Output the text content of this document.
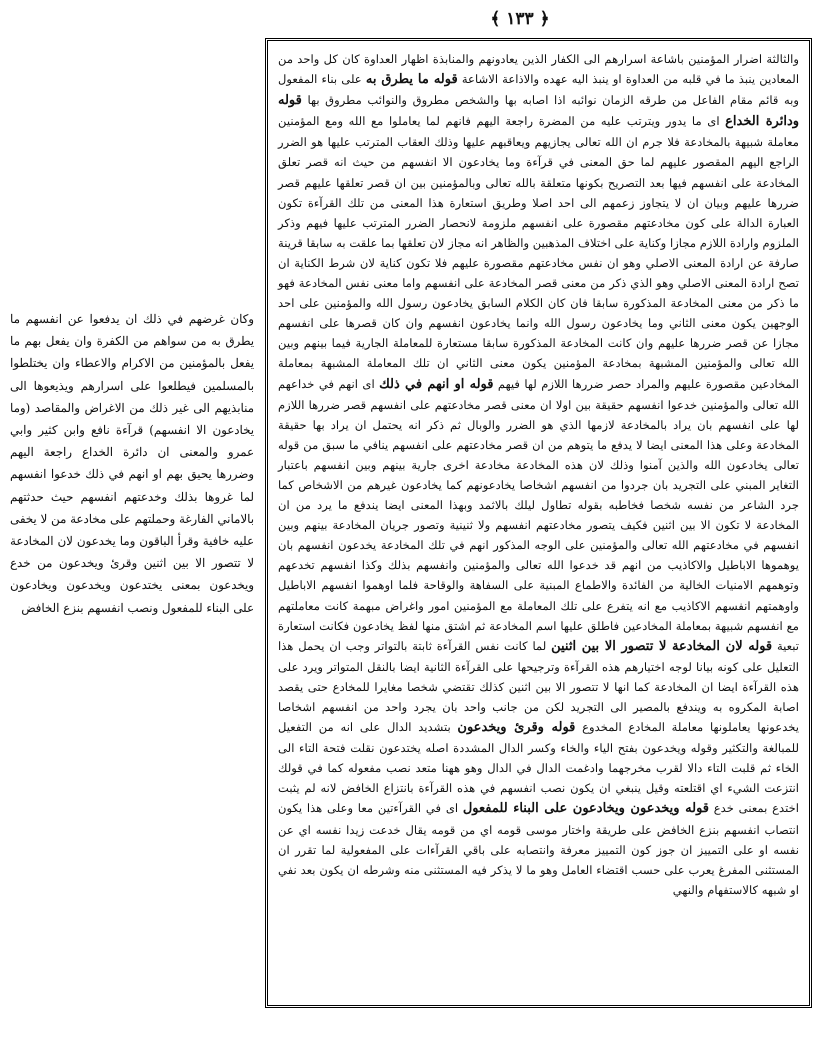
﴾ ١٣٣ ﴿

والثالثة اضرار المؤمنين باشاعة اسرارهم الى الكفار الذين يعادونهم والمنابذة اظهار العداوة كان كل واحد من المعادين ينبذ ما في قلبه من العداوة او ينبذ اليه عهده والاذاعة الاشاعة قوله ما يطرق به على بناء المفعول وبه قائم مقام الفاعل من طرقه الزمان نوائبه اذا اصابه بها والشخص مطروق والنوائب مطروق بها قوله ودائرة الخداع اى ما يدور ويترتب عليه من المضرة راجعة اليهم فانهم لما يعاملوا مع الله ومع المؤمنين معاملة شبيهة بالمخادعة فلا جرم ان الله تعالى يجازيهم ويعاقبهم عليها وذلك العقاب المترتب عليها هو الضرر الراجع اليهم المقصور عليهم لما حق المعنى في قرآءة وما يخادعون الا انفسهم من حيث انه قصر تعلق المخادعة على انفسهم فيها بعد التصريح بكونها متعلقة بالله تعالى وبالمؤمنين بين ان قصر تعلقها عليهم قصر ضررها عليهم وبيان ان لا يتجاوز زعمهم الى احد اصلا وطريق استعارة هذا المعنى من تلك القرآءة تكون العبارة الدالة على كون مخادعتهم مقصورة على انفسهم ملزومة لانحصار الضرر المترتب عليها فيهم وذكر الملزوم وارادة اللازم مجازا وكناية على اختلاف المذهبين والظاهر انه مجاز لان تعلقها بما علقت به سابقا قرينة صارفة عن ارادة المعنى الاصلي وهو ان نفس مخادعتهم مقصورة عليهم فلا تكون كناية لان شرط الكناية ان تصح ارادة المعنى الاصلي وهو الذي ذكر من معنى قصر المخادعة على انفسهم واما معنى نفس المخادعة فهو ما ذكر من معنى المخادعة المذكورة سابقا فان كان الكلام السابق يخادعون رسول الله والمؤمنين على احد الوجهين يكون معنى الثاني وما يخادعون رسول الله وانما يخادعون انفسهم وان كان قصرها على انفسهم مجازا عن قصر ضررها عليهم وان كانت المخادعة المذكورة سابقا مستعارة للمعاملة الجارية فيما بينهم وبين الله تعالى والمؤمنين المشبهة بمخادعة المؤمنين يكون معنى الثاني ان تلك المعاملة المشبهة بمعاملة المخادعين مقصورة عليهم والمراد حصر ضررها اللازم لها فيهم قوله او انهم في ذلك اى انهم في خداعهم الله تعالى والمؤمنين خدعوا انفسهم حقيقة بين اولا ان معنى قصر مخادعتهم على انفسهم قصر ضررها اللازم لها على انفسهم بان يراد بالمخادعة لازمها الذي هو الضرر والوبال ثم ذكر انه يحتمل ان يراد بها حقيقة المخادعة وعلى هذا المعنى ايضا لا يدفع ما يتوهم من ان قصر مخادعتهم على انفسهم ينافي ما سبق من قوله تعالى يخادعون الله والذين آمنوا وذلك لان هذه المخادعة مخادعة اخرى جارية بينهم وبين انفسهم باعتبار التغاير المبني على التجريد بان جردوا من انفسهم اشخاصا يخادعونهم كما يخادعون غيرهم من الاشخاص كما جرد الشاعر من نفسه شخصا فخاطبه بقوله تطاول ليلك بالاثمد وبهذا المعنى ايضا يندفع ما يرد من ان المخادعة لا تكون الا بين اثنين فكيف يتصور مخادعتهم انفسهم ولا ثنينية وتصور جريان المخادعة بينهم وبين انفسهم في مخادعتهم الله تعالى والمؤمنين على الوجه المذكور انهم في تلك المخادعة يخدعون انفسهم بان يوهموها الاباطيل والاكاذيب من انهم قد خدعوا الله تعالى والمؤمنين وانفسهم بذلك وكذا انفسهم تخدعهم وتوهمهم الامنيات الخالية من الفائدة والاطماع المبنية على السفاهة والوقاحة فلما اوهموا انفسهم الاباطيل واوهمتهم انفسهم الاكاذيب مع انه يتفرع على تلك المعاملة مع المؤمنين امور واغراض مبهمة كانت معاملتهم مع انفسهم شبيهة بمعاملة المخادعين فاطلق عليها اسم المخادعة ثم اشتق منها لفظ يخادعون فكانت استعارة تبعية قوله لان المخادعة لا تتصور الا بين اثنين لما كانت نفس القرآءة ثابتة بالتواتر وجب ان يحمل هذا التعليل على كونه بيانا لوجه اختيارهم هذه القرآءة وترجيحها على القرآءة الثانية ايضا بالنقل المتواتر ويرد على هذه القرآءة ايضا ان المخادعة كما انها لا تتصور الا بين اثنين كذلك تقتضي شخصا مغايرا للمخادع حتى يقصد اصابة المكروه به ويندفع بالمصير الى التجريد لكن من جانب واحد بان يجرد واحد من انفسهم اشخاصا يخدعونها يعاملونها معاملة المخادع المخدوع قوله وقرئ ويخدعون بتشديد الدال على انه من التفعيل للمبالغة والتكثير وقوله ويخدعون بفتح الياء والخاء وكسر الدال المشددة اصله يختدعون نقلت فتحة التاء الى الخاء ثم قلبت التاء دالا لقرب مخرجهما وادغمت الدال في الدال وهو ههنا متعد نصب مفعوله كما في قولك انتزعت الشيء اي اقتلعته وقيل ينبغي ان يكون نصب انفسهم في هذه القرآءة بانتزاع الخافض لانه لم يثبت اختدع بمعنى خدع قوله ويخدعون ويخادعون على البناء للمفعول اى في القرآءتين معا وعلى هذا يكون انتصاب انفسهم بنزع الخافض على طريقة واختار موسى قومه اي من قومه يقال خدعت زيدا نفسه اي عن نفسه او على التمييز ان جوز كون التمييز معرفة وانتصابه على باقي القرآءات على المفعولية لما تقرر ان المستثنى المفرغ يعرب على حسب اقتضاء العامل وهو ما لا يذكر فيه المستثنى منه وشرطه ان يكون بعد نفي او شبهه كالاستفهام والنهي

وكان غرضهم في ذلك ان يدفعوا عن انفسهم ما يطرق به من سواهم من الكفرة وان يفعل بهم ما يفعل بالمؤمنين من الاكرام والاعطاء وان يختلطوا بالمسلمين فيطلعوا على اسرارهم ويذيعوها الى منابذيهم الى غير ذلك من الاغراض والمقاصد (وما يخادعون الا انفسهم) قرآءة نافع وابن كثير وابي عمرو والمعنى ان دائرة الخداع راجعة اليهم وضررها يحيق بهم او انهم في ذلك خدعوا انفسهم لما غروها بذلك وخدعتهم انفسهم حيث حدثتهم بالاماني الفارغة وحملتهم على مخادعة من لا يخفى عليه خافية وقرأ الباقون وما يخدعون لان المخادعة لا تتصور الا بين اثنين وقرئ ويخدعون من خدع ويخدعون بمعنى يختدعون ويخدعون ويخادعون على البناء للمفعول ونصب انفسهم بنزع الخافض
